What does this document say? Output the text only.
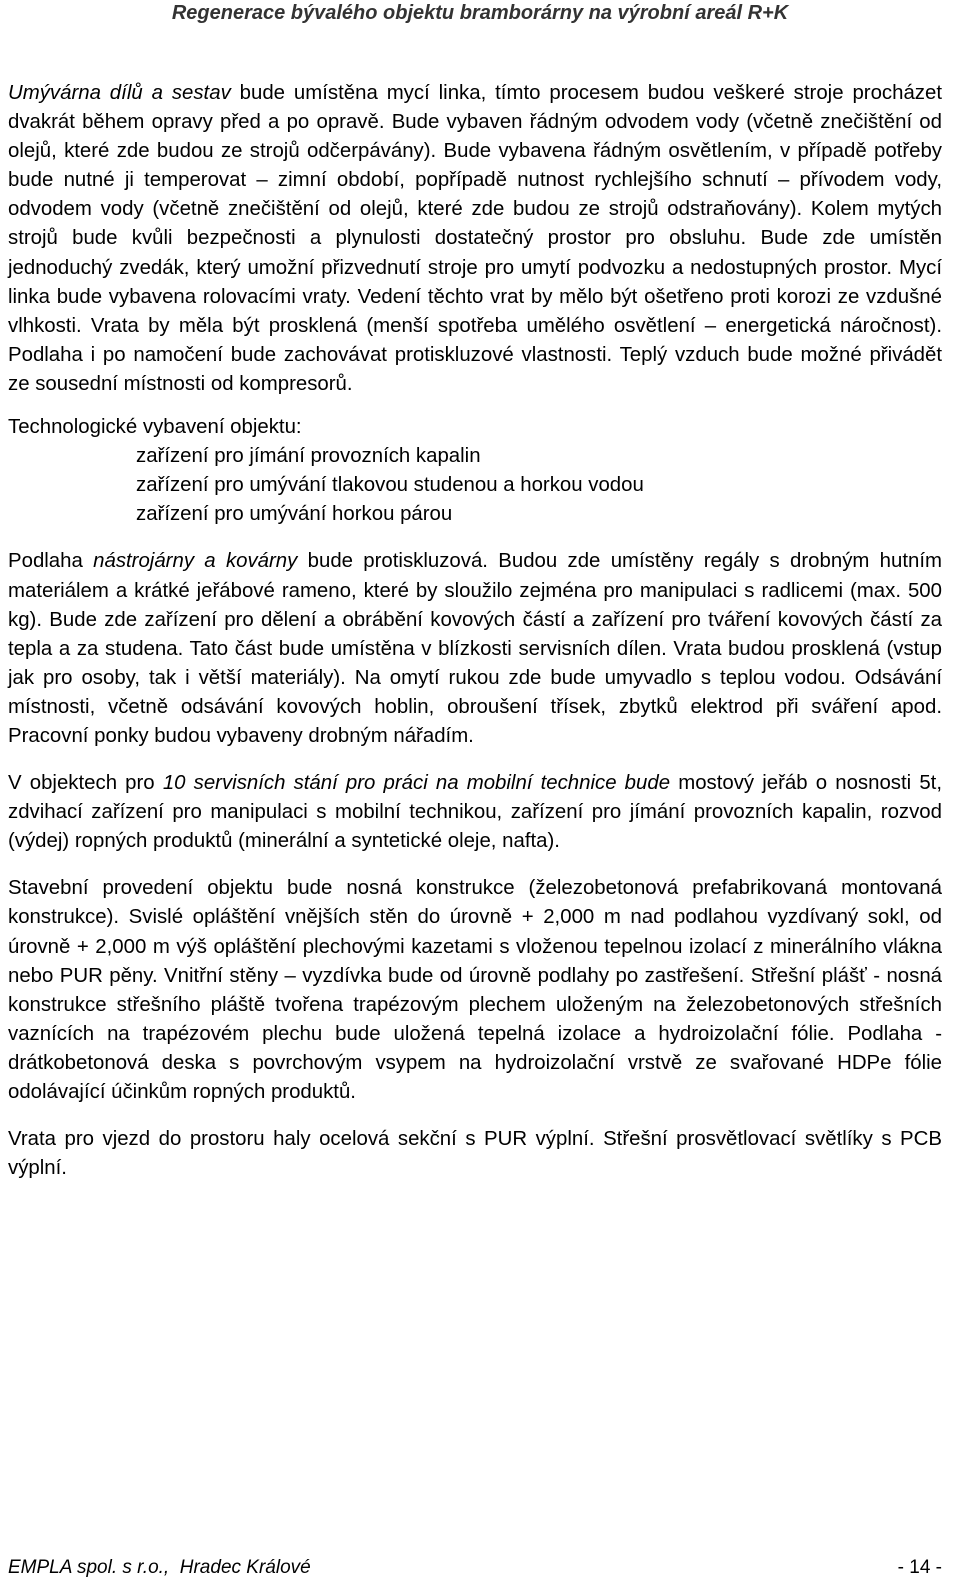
Regenerace bývalého objektu bramborárny na výrobní areál R+K

Umývárna dílů a sestav bude umístěna mycí linka, tímto procesem budou veškeré stroje procházet dvakrát během opravy před a po opravě. Bude vybaven řádným odvodem vody (včetně znečištění od olejů, které zde budou ze strojů odčerpávány). Bude vybavena řádným osvětlením, v případě potřeby bude nutné ji temperovat – zimní období, popřípadě nutnost rychlejšího schnutí – přívodem vody, odvodem vody (včetně znečištění od olejů, které zde budou ze strojů odstraňovány). Kolem mytých strojů bude kvůli bezpečnosti a plynulosti dostatečný prostor pro obsluhu. Bude zde umístěn jednoduchý zvedák, který umožní přizvednutí stroje pro umytí podvozku a nedostupných prostor. Mycí linka bude vybavena rolovacími vraty. Vedení těchto vrat by mělo být ošetřeno proti korozi ze vzdušné vlhkosti. Vrata by měla být prosklená (menší spotřeba umělého osvětlení – energetická náročnost). Podlaha i po namočení bude zachovávat protiskluzové vlastnosti. Teplý vzduch bude možné přivádět ze sousední místnosti od kompresorů.

Technologické vybavení objektu:

zařízení pro jímání provozních kapalin
zařízení pro umývání tlakovou studenou a horkou vodou
zařízení pro umývání horkou párou

Podlaha nástrojárny a kovárny bude protiskluzová. Budou zde umístěny regály s drobným hutním materiálem a krátké jeřábové rameno, které by sloužilo zejména pro manipulaci s radlicemi (max. 500 kg). Bude zde zařízení pro dělení a obrábění kovových částí a zařízení pro tváření kovových částí za tepla a za studena. Tato část bude umístěna v blízkosti servisních dílen. Vrata budou prosklená (vstup jak pro osoby, tak i větší materiály). Na omytí rukou zde bude umyvadlo s teplou vodou. Odsávání místnosti, včetně odsávání kovových hoblin, obroušení třísek, zbytků elektrod při sváření apod. Pracovní ponky budou vybaveny drobným nářadím.

V objektech pro 10 servisních stání pro práci na mobilní technice bude mostový jeřáb o nosnosti 5t, zdvihací zařízení pro manipulaci s mobilní technikou, zařízení pro jímání provozních kapalin, rozvod (výdej) ropných produktů (minerální a syntetické oleje, nafta).

Stavební provedení objektu bude nosná konstrukce (železobetonová prefabrikovaná montovaná konstrukce). Svislé opláštění vnějších stěn do úrovně + 2,000 m nad podlahou vyzdívaný sokl, od úrovně + 2,000 m výš opláštění plechovými kazetami s vloženou tepelnou izolací z minerálního vlákna nebo PUR pěny. Vnitřní stěny – vyzdívka bude od úrovně podlahy po zastřešení. Střešní plášť - nosná konstrukce střešního pláště tvořena trapézovým plechem uloženým na železobetonových střešních vaznících na trapézovém plechu bude uložená tepelná izolace a hydroizolační fólie. Podlaha - drátkobetonová deska s povrchovým vsypem na hydroizolační vrstvě ze svařované HDPe fólie odolávající účinkům ropných produktů.

Vrata pro vjezd do prostoru haly ocelová sekční s PUR výplní. Střešní prosvětlovací světlíky s PCB výplní.

EMPLA spol. s r.o.,  Hradec Králové	- 14 -
